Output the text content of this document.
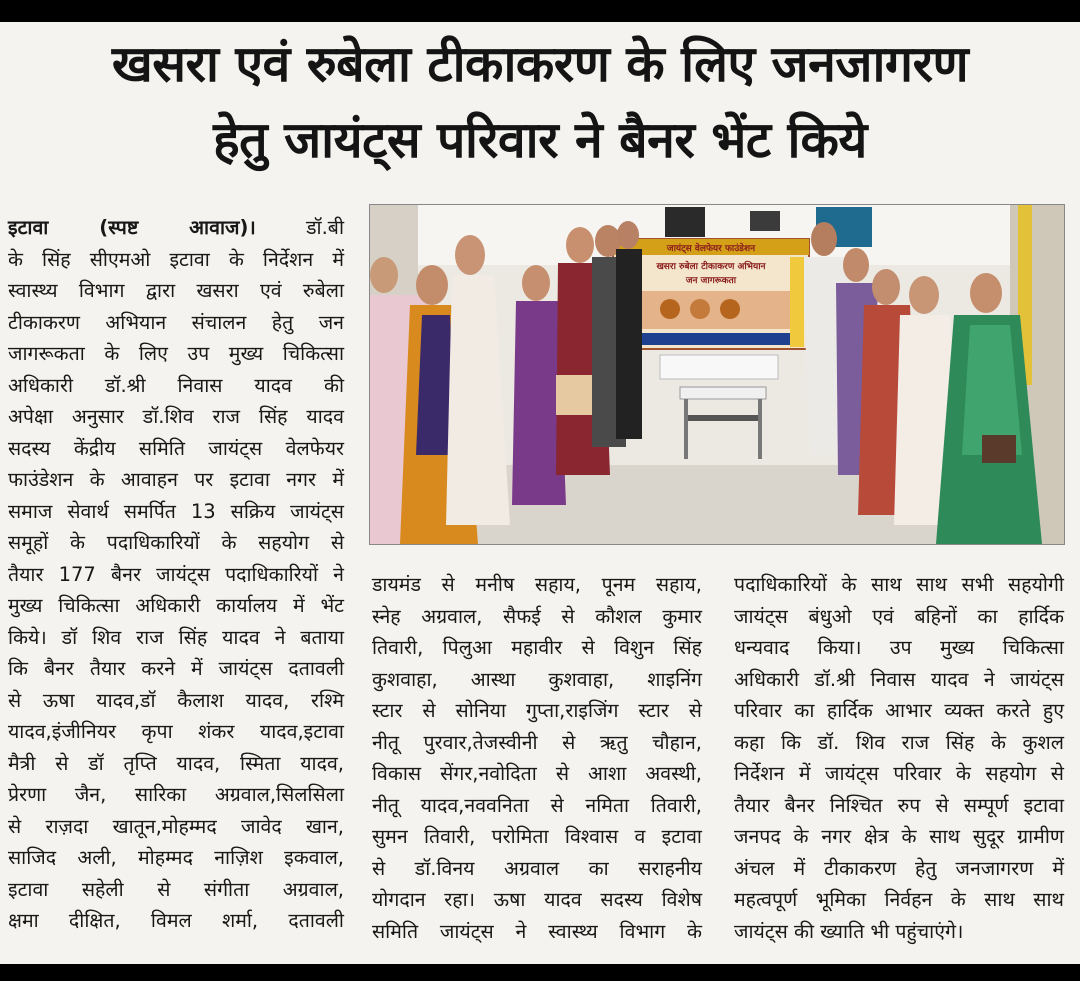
खसरा एवं रुबेला टीकाकरण के लिए जनजागरण
हेतु जायंट्स परिवार ने बैनर भेंट किये
इटावा (स्पष्ट आवाज)। डॉ.बी
के सिंह सीएमओ इटावा के निर्देशन में
स्वास्थ्य विभाग द्वारा खसरा एवं रुबेला
टीकाकरण अभियान संचालन हेतु जन
जागरूकता के लिए उप मुख्य चिकित्सा
अधिकारी डॉ.श्री निवास यादव की
अपेक्षा अनुसार डॉ.शिव राज सिंह यादव
सदस्य केंद्रीय समिति जायंट्स वेलफेयर
फाउंडेशन के आवाहन पर इटावा नगर में
समाज सेवार्थ समर्पित 13 सक्रिय जायंट्स
समूहों के पदाधिकारियों के सहयोग से
तैयार 177 बैनर जायंट्स पदाधिकारियों ने
मुख्य चिकित्सा अधिकारी कार्यालय में भेंट
किये। डॉ शिव राज सिंह यादव ने बताया
कि बैनर तैयार करने में जायंट्स दतावली
से ऊषा यादव,डॉ कैलाश यादव, रश्मि
यादव,इंजीनियर कृपा शंकर यादव,इटावा
मैत्री से डॉ तृप्ति यादव, स्मिता यादव,
प्रेरणा जैन, सारिका अग्रवाल,सिलसिला
से राज़दा खातून,मोहम्मद जावेद खान,
साजिद अली, मोहम्मद नाज़िश इकवाल,
इटावा सहेली से संगीता अग्रवाल,
क्षमा दीक्षित, विमल शर्मा, दतावली
जायंट्स वेलफेयर फाउंडेशन
खसरा रुबेला टीकाकरण अभियान
जन जागरूकता
डायमंड से मनीष सहाय, पूनम सहाय,
स्नेह अग्रवाल, सैफई से कौशल कुमार
तिवारी, पिलुआ महावीर से विशुन सिंह
कुशवाहा, आस्था कुशवाहा, शाइनिंग
स्टार से सोनिया गुप्ता,राइजिंग स्टार से
नीतू पुरवार,तेजस्वीनी से ऋतु चौहान,
विकास सेंगर,नवोदिता से आशा अवस्थी,
नीतू यादव,नववनिता से नमिता तिवारी,
सुमन तिवारी, परोमिता विश्वास व इटावा
से डॉ.विनय अग्रवाल का सराहनीय
योगदान रहा। ऊषा यादव सदस्य विशेष
समिति जायंट्स ने स्वास्थ्य विभाग के
पदाधिकारियों के साथ साथ सभी सहयोगी
जायंट्स बंधुओ एवं बहिनों का हार्दिक
धन्यवाद किया। उप मुख्य चिकित्सा
अधिकारी डॉ.श्री निवास यादव ने जायंट्स
परिवार का हार्दिक आभार व्यक्त करते हुए
कहा कि डॉ. शिव राज सिंह के कुशल
निर्देशन में जायंट्स परिवार के सहयोग से
तैयार बैनर निश्चित रुप से सम्पूर्ण इटावा
जनपद के नगर क्षेत्र के साथ सुदूर ग्रामीण
अंचल में टीकाकरण हेतु जनजागरण में
महत्वपूर्ण भूमिका निर्वहन के साथ साथ
जायंट्स की ख्याति भी पहुंचाएंगे।
